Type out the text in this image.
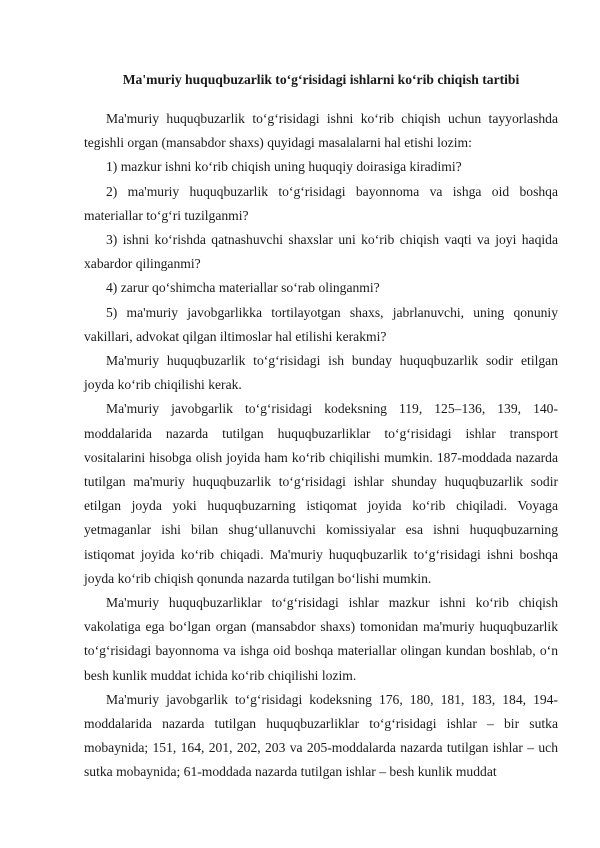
Ma'muriy huquqbuzarlik to‘g‘risidagi ishlarni ko‘rib chiqish tartibi

Ma'muriy huquqbuzarlik to‘g‘risidagi ishni ko‘rib chiqish uchun tayyorlashda tegishli organ (mansabdor shaxs) quyidagi masalalarni hal etishi lozim:

1) mazkur ishni ko‘rib chiqish uning huquqiy doirasiga kiradimi?

2) ma'muriy huquqbuzarlik to‘g‘risidagi bayonnoma va ishga oid boshqa materiallar to‘g‘ri tuzilganmi?

3) ishni ko‘rishda qatnashuvchi shaxslar uni ko‘rib chiqish vaqti va joyi haqida xabardor qilinganmi?

4) zarur qo‘shimcha materiallar so‘rab olinganmi?

5) ma'muriy javobgarlikka tortilayotgan shaxs, jabrlanuvchi, uning qonuniy vakillari, advokat qilgan iltimoslar hal etilishi kerakmi?

Ma'muriy huquqbuzarlik to‘g‘risidagi ish bunday huquqbuzarlik sodir etilgan joyda ko‘rib chiqilishi kerak.

Ma'muriy javobgarlik to‘g‘risidagi kodeksning 119, 125–136, 139, 140-moddalarida nazarda tutilgan huquqbuzarliklar to‘g‘risidagi ishlar transport vositalarini hisobga olish joyida ham ko‘rib chiqilishi mumkin. 187-moddada nazarda tutilgan ma'muriy huquqbuzarlik to‘g‘risidagi ishlar shunday huquqbuzarlik sodir etilgan joyda yoki huquqbuzarning istiqomat joyida ko‘rib chiqiladi. Voyaga yetmaganlar ishi bilan shug‘ullanuvchi komissiyalar esa ishni huquqbuzarning istiqomat joyida ko‘rib chiqadi. Ma'muriy huquqbuzarlik to‘g‘risidagi ishni boshqa joyda ko‘rib chiqish qonunda nazarda tutilgan bo‘lishi mumkin.

Ma'muriy huquqbuzarliklar to‘g‘risidagi ishlar mazkur ishni ko‘rib chiqish vakolatiga ega bo‘lgan organ (mansabdor shaxs) tomonidan ma'muriy huquqbuzarlik to‘g‘risidagi bayonnoma va ishga oid boshqa materiallar olingan kundan boshlab, o‘n besh kunlik muddat ichida ko‘rib chiqilishi lozim.

Ma'muriy javobgarlik to‘g‘risidagi kodeksning 176, 180, 181, 183, 184, 194-moddalarida nazarda tutilgan huquqbuzarliklar to‘g‘risidagi ishlar – bir sutka mobaynida; 151, 164, 201, 202, 203 va 205-moddalarda nazarda tutilgan ishlar – uch sutka mobaynida; 61-moddada nazarda tutilgan ishlar – besh kunlik muddat
